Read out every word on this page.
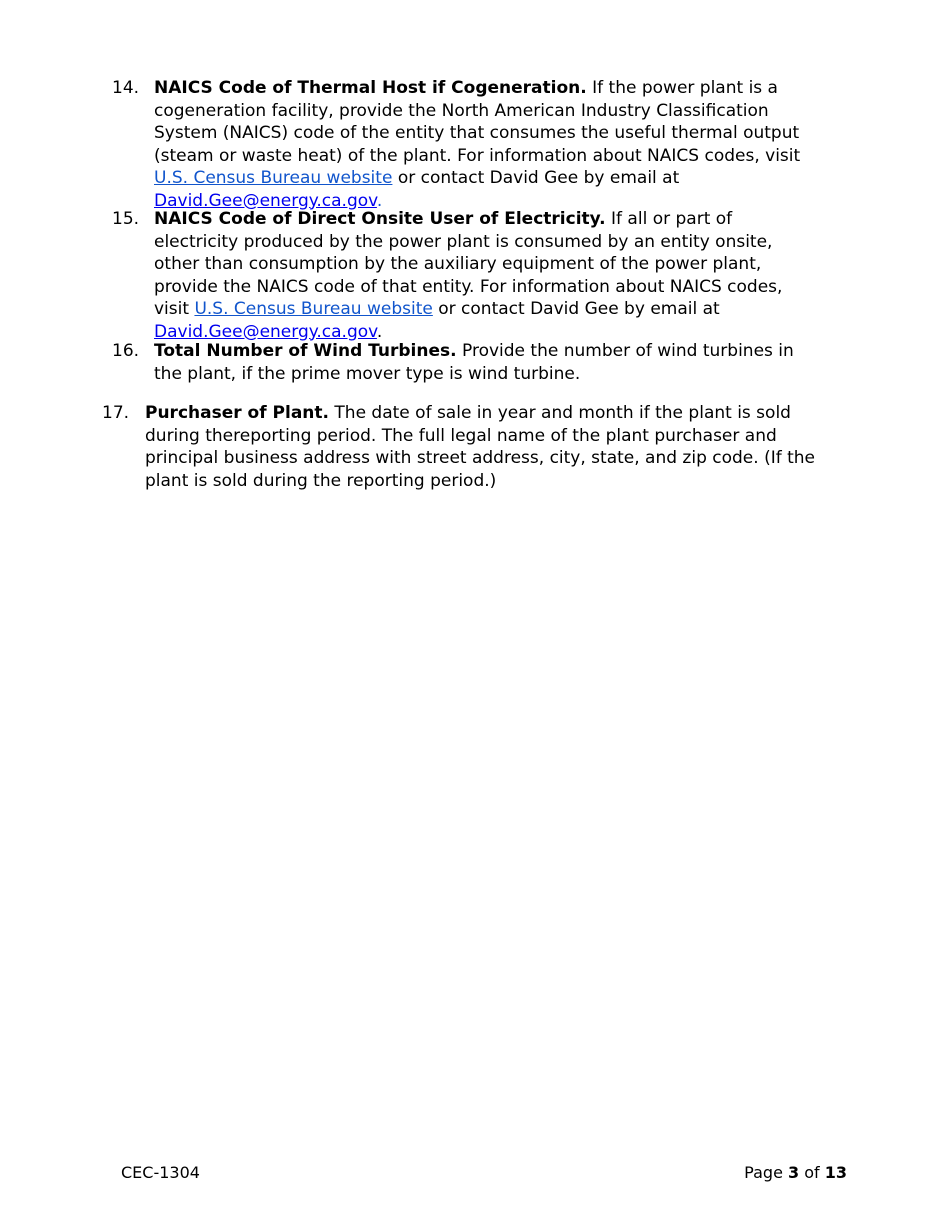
14. NAICS Code of Thermal Host if Cogeneration. If the power plant is a cogeneration facility, provide the North American Industry Classification System (NAICS) code of the entity that consumes the useful thermal output (steam or waste heat) of the plant. For information about NAICS codes, visit U.S. Census Bureau website or contact David Gee by email at David.Gee@energy.ca.gov.
15. NAICS Code of Direct Onsite User of Electricity. If all or part of electricity produced by the power plant is consumed by an entity onsite, other than consumption by the auxiliary equipment of the power plant, provide the NAICS code of that entity. For information about NAICS codes, visit U.S. Census Bureau website or contact David Gee by email at David.Gee@energy.ca.gov.
16. Total Number of Wind Turbines. Provide the number of wind turbines in the plant, if the prime mover type is wind turbine.
17. Purchaser of Plant. The date of sale in year and month if the plant is sold during thereporting period. The full legal name of the plant purchaser and principal business address with street address, city, state, and zip code. (If the plant is sold during the reporting period.)
CEC-1304	Page 3 of 13
